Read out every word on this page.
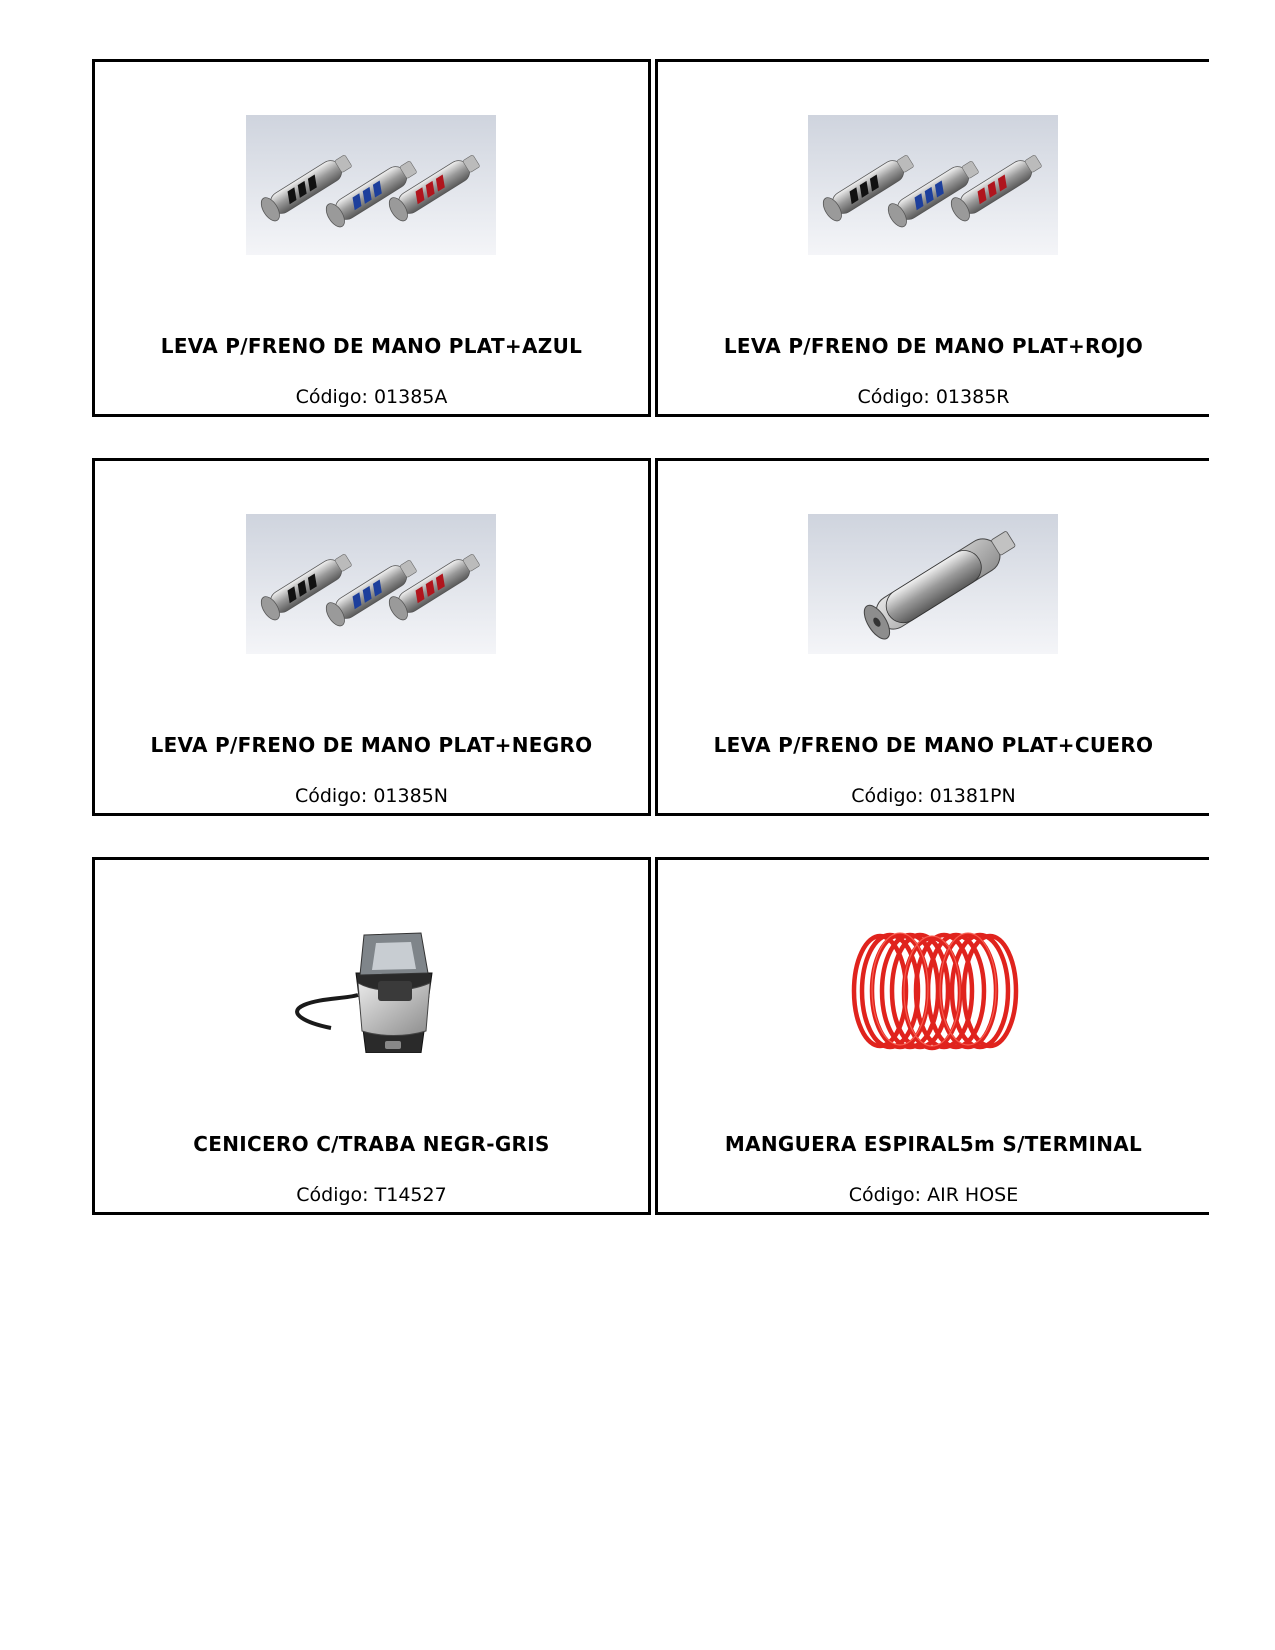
LEVA P/FRENO DE MANO PLAT+AZUL
Código: 01385A
LEVA P/FRENO DE MANO PLAT+ROJO
Código: 01385R
LEVA P/FRENO DE MANO PLAT+NEGRO
Código: 01385N
LEVA P/FRENO DE MANO PLAT+CUERO
Código: 01381PN
CENICERO C/TRABA NEGR-GRIS
Código: T14527
MANGUERA ESPIRAL5m S/TERMINAL
Código: AIR HOSE
